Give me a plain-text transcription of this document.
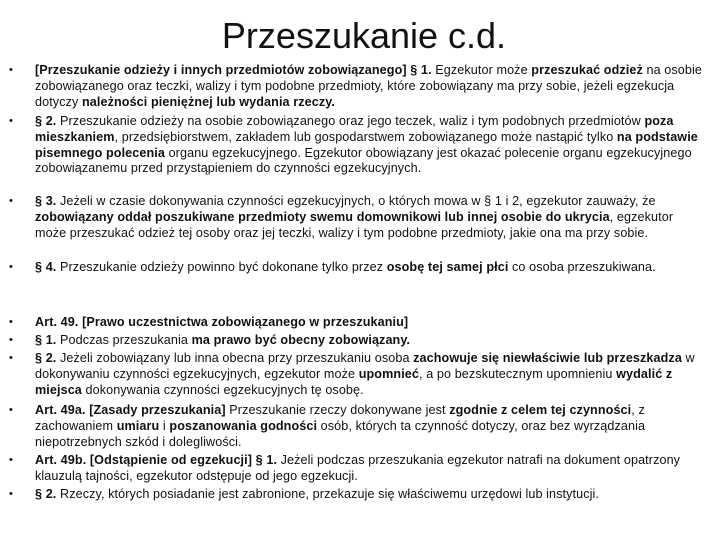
Przeszukanie c.d.
• [Przeszukanie odzieży i innych przedmiotów zobowiązanego] § 1. Egzekutor może przeszukać odzież na osobie zobowiązanego oraz teczki, walizy i tym podobne przedmioty, które zobowiązany ma przy sobie, jeżeli egzekucja dotyczy należności pieniężnej lub wydania rzeczy.
• § 2. Przeszukanie odzieży na osobie zobowiązanego oraz jego teczek, waliz i tym podobnych przedmiotów poza mieszkaniem, przedsiębiorstwem, zakładem lub gospodarstwem zobowiązanego może nastąpić tylko na podstawie pisemnego polecenia organu egzekucyjnego. Egzekutor obowiązany jest okazać polecenie organu egzekucyjnego zobowiązanemu przed przystąpieniem do czynności egzekucyjnych.
• § 3. Jeżeli w czasie dokonywania czynności egzekucyjnych, o których mowa w § 1 i 2, egzekutor zauważy, że zobowiązany oddał poszukiwane przedmioty swemu domownikowi lub innej osobie do ukrycia, egzekutor może przeszukać odzież tej osoby oraz jej teczki, walizy i tym podobne przedmioty, jakie ona ma przy sobie.
• § 4. Przeszukanie odzieży powinno być dokonane tylko przez osobę tej samej płci co osoba przeszukiwana.
• Art. 49. [Prawo uczestnictwa zobowiązanego w przeszukaniu]
• § 1. Podczas przeszukania ma prawo być obecny zobowiązany.
• § 2. Jeżeli zobowiązany lub inna obecna przy przeszukaniu osoba zachowuje się niewłaściwie lub przeszkadza w dokonywaniu czynności egzekucyjnych, egzekutor może upomnieć, a po bezskutecznym upomnieniu wydalić z miejsca dokonywania czynności egzekucyjnych tę osobę.
• Art. 49a. [Zasady przeszukania] Przeszukanie rzeczy dokonywane jest zgodnie z celem tej czynności, z zachowaniem umiaru i poszanowania godności osób, których ta czynność dotyczy, oraz bez wyrządzania niepotrzebnych szkód i dolegliwości.
• Art. 49b. [Odstąpienie od egzekucji] § 1. Jeżeli podczas przeszukania egzekutor natrafi na dokument opatrzony klauzulą tajności, egzekutor odstępuje od jego egzekucji.
• § 2. Rzeczy, których posiadanie jest zabronione, przekazuje się właściwemu urzędowi lub instytucji.
